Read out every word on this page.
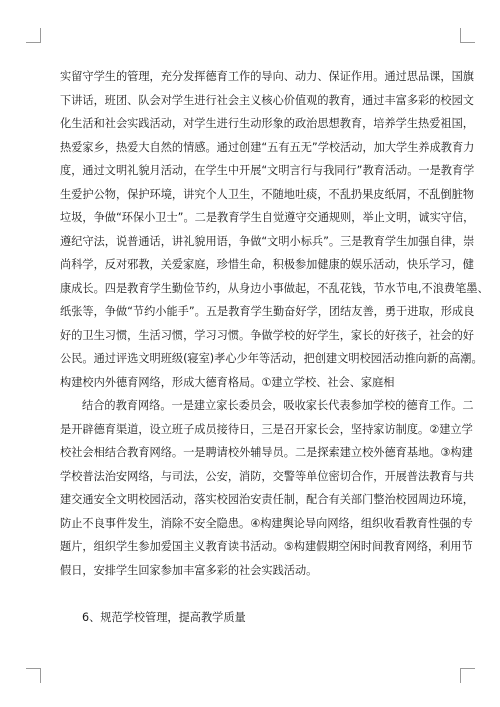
实留守学生的管理，充分发挥德育工作的导向、动力、保证作用。通过思品课，国旗
下讲话，班团、队会对学生进行社会主义核心价值观的教育，通过丰富多彩的校园文
化生活和社会实践活动，对学生进行生动形象的政治思想教育，培养学生热爱祖国，
热爱家乡，热爱大自然的情感。通过创建“五有五无”学校活动，加大学生养成教育力
度，通过文明礼貌月活动，在学生中开展“文明言行与我同行”教育活动。一是教育学
生爱护公物，保护环境，讲究个人卫生，不随地吐痰，不乱扔果皮纸屑，不乱倒脏物
垃圾，争做“环保小卫士”。二是教育学生自觉遵守交通规则，举止文明，诚实守信，
遵纪守法，说普通话，讲礼貌用语，争做“文明小标兵”。三是教育学生加强自律，崇
尚科学，反对邪教，关爱家庭，珍惜生命，积极参加健康的娱乐活动，快乐学习，健
康成长。四是教育学生勤俭节约，从身边小事做起，不乱花钱，节水节电,不浪费笔墨、
纸张等，争做“节约小能手”。五是教育学生勤奋好学，团结友善，勇于进取，形成良
好的卫生习惯，生活习惯，学习习惯。争做学校的好学生，家长的好孩子，社会的好
公民。通过评选文明班级(寝室)孝心少年等活动，把创建文明校园活动推向新的高潮。
构建校内外德育网络，形成大德育格局。①建立学校、社会、家庭相
结合的教育网络。一是建立家长委员会，吸收家长代表参加学校的德育工作。二
是开辟德育渠道，设立班子成员接待日，三是召开家长会，坚持家访制度。②建立学
校社会相结合教育网络。一是聘请校外辅导员。二是探索建立校外德育基地。③构建
学校普法治安网络，与司法，公安，消防，交警等单位密切合作，开展普法教育与共
建交通安全文明校园活动，落实校园治安责任制，配合有关部门整治校园周边环境，
防止不良事件发生，消除不安全隐患。④构建舆论导向网络，组织收看教育性强的专
题片，组织学生参加爱国主义教育读书活动。⑤构建假期空闲时间教育网络，利用节
假日，安排学生回家参加丰富多彩的社会实践活动。
6、规范学校管理，提高教学质量
